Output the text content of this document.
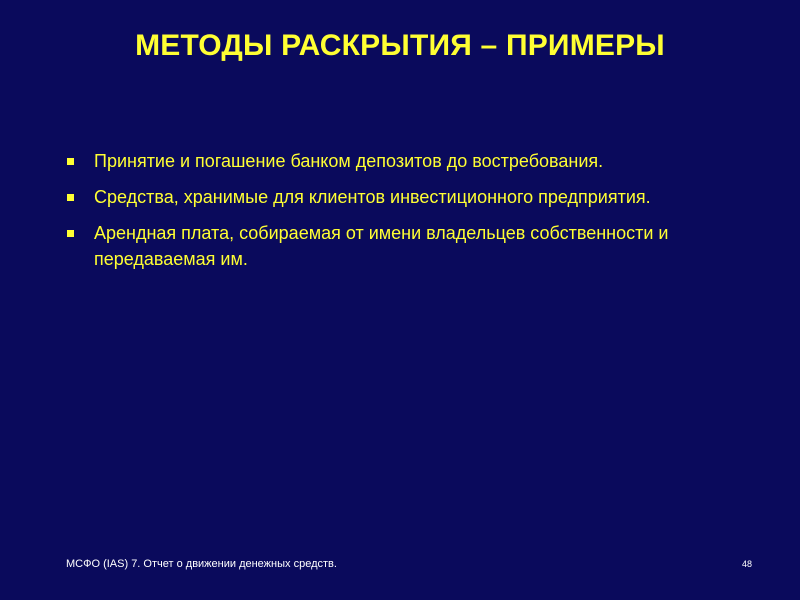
МЕТОДЫ РАСКРЫТИЯ – ПРИМЕРЫ
Принятие и погашение банком депозитов до востребования.
Средства, хранимые для клиентов инвестиционного предприятия.
Арендная плата, собираемая от имени владельцев собственности и передаваемая им.
МСФО (IAS) 7. Отчет о движении денежных средств.	48
